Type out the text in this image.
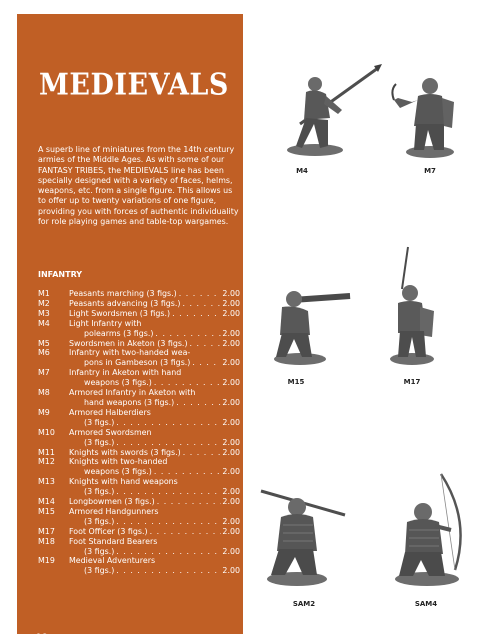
MEDIEVALS

A superb line of miniatures from the 14th century armies of the Middle Ages. As with some of our FANTASY TRIBES, the MEDIEVALS line has been specially designed with a variety of faces, helms, weapons, etc. from a single figure. This allows us to offer up to twenty variations of one figure, providing you with forces of authentic individuality for role playing games and table-top wargames.

INFANTRY
M1	Peasants marching (3 figs.) . . .	2.00
M2	Peasants advancing (3 figs.) . . .	2.00
M3	Light Swordsmen (3 figs.) . . .	2.00
M4	Light Infantry with
polearms (3 figs.) . . .	2.00
M5	Swordsmen in Aketon (3 figs.) . . .	2.00
M6	Infantry with two-handed wea-
pons in Gambeson (3 figs.) . . .	2.00
M7	Infantry in Aketon with hand
weapons (3 figs.) . . .	2.00
M8	Armored Infantry in Aketon with
hand weapons (3 figs.) . . .	2.00
M9	Armored Halberdiers
(3 figs.) . . .	2.00
M10	Armored Swordsmen
(3 figs.) . . .	2.00
M11	Knights with swords (3 figs.) . . .	2.00
M12	Knights with two-handed
weapons (3 figs.) . . .	2.00
M13	Knights with hand weapons
(3 figs.) . . .	2.00
M14	Longbowmen (3 figs.) . . .	2.00
M15	Armored Handgunners
(3 figs.) . . .	2.00
M17	Foot Officer (3 figs.) . . .	2.00
M18	Foot Standard Bearers
(3 figs.) . . .	2.00
M19	Medieval Adventurers
(3 figs.) . . .	2.00

18

M4	M7

M15	M17

SAM2	SAM4
